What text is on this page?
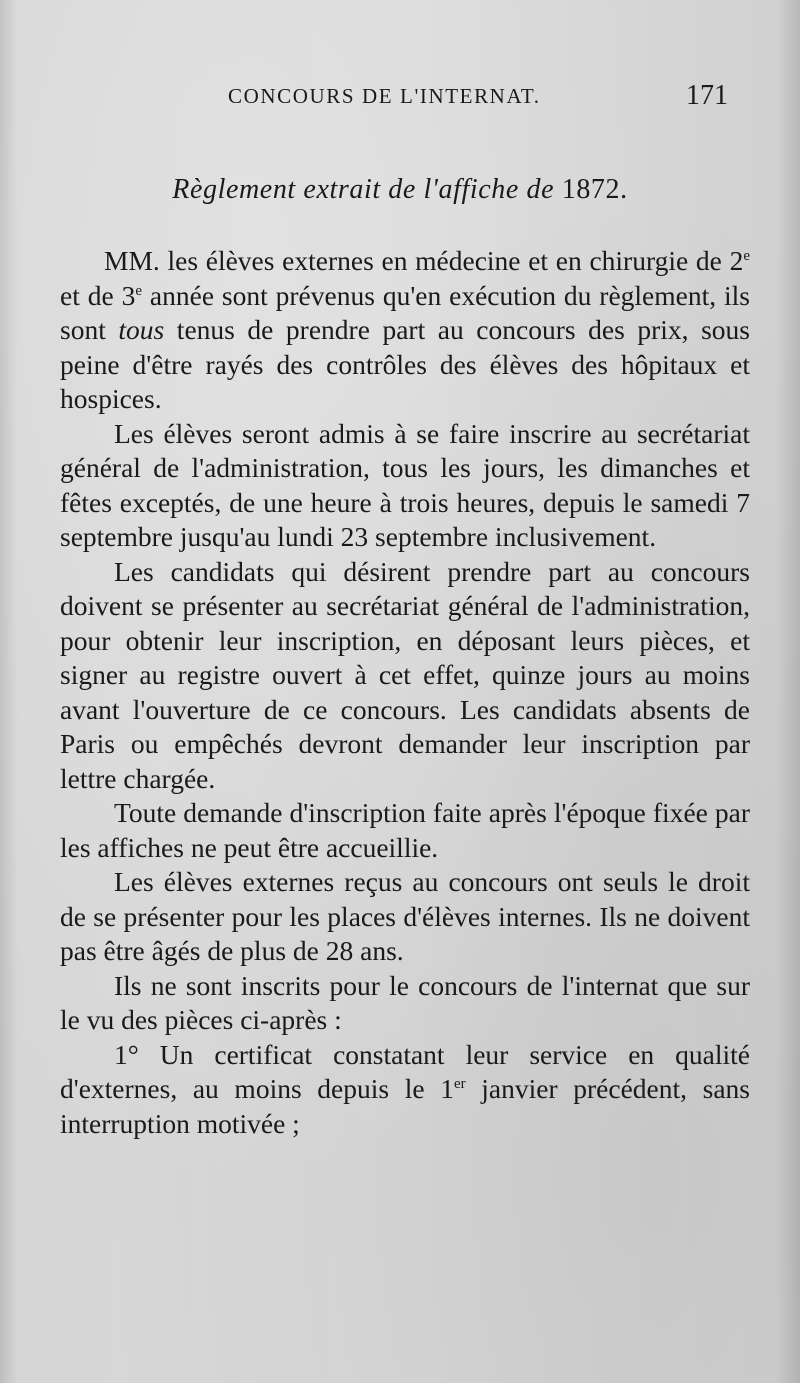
CONCOURS DE L'INTERNAT.	171
Règlement extrait de l'affiche de 1872.

MM. les élèves externes en médecine et en chirurgie de 2e et de 3e année sont prévenus qu'en exécution du règlement, ils sont tous tenus de prendre part au concours des prix, sous peine d'être rayés des contrôles des élèves des hôpitaux et hospices.

Les élèves seront admis à se faire inscrire au secrétariat général de l'administration, tous les jours, les dimanches et fêtes exceptés, de une heure à trois heures, depuis le samedi 7 septembre jusqu'au lundi 23 septembre inclusivement.

Les candidats qui désirent prendre part au concours doivent se présenter au secrétariat général de l'administration, pour obtenir leur inscription, en déposant leurs pièces, et signer au registre ouvert à cet effet, quinze jours au moins avant l'ouverture de ce concours. Les candidats absents de Paris ou empêchés devront demander leur inscription par lettre chargée.

Toute demande d'inscription faite après l'époque fixée par les affiches ne peut être accueillie.

Les élèves externes reçus au concours ont seuls le droit de se présenter pour les places d'élèves internes. Ils ne doivent pas être âgés de plus de 28 ans.

Ils ne sont inscrits pour le concours de l'internat que sur le vu des pièces ci-après :

1° Un certificat constatant leur service en qualité d'externes, au moins depuis le 1er janvier précédent, sans interruption motivée ;
